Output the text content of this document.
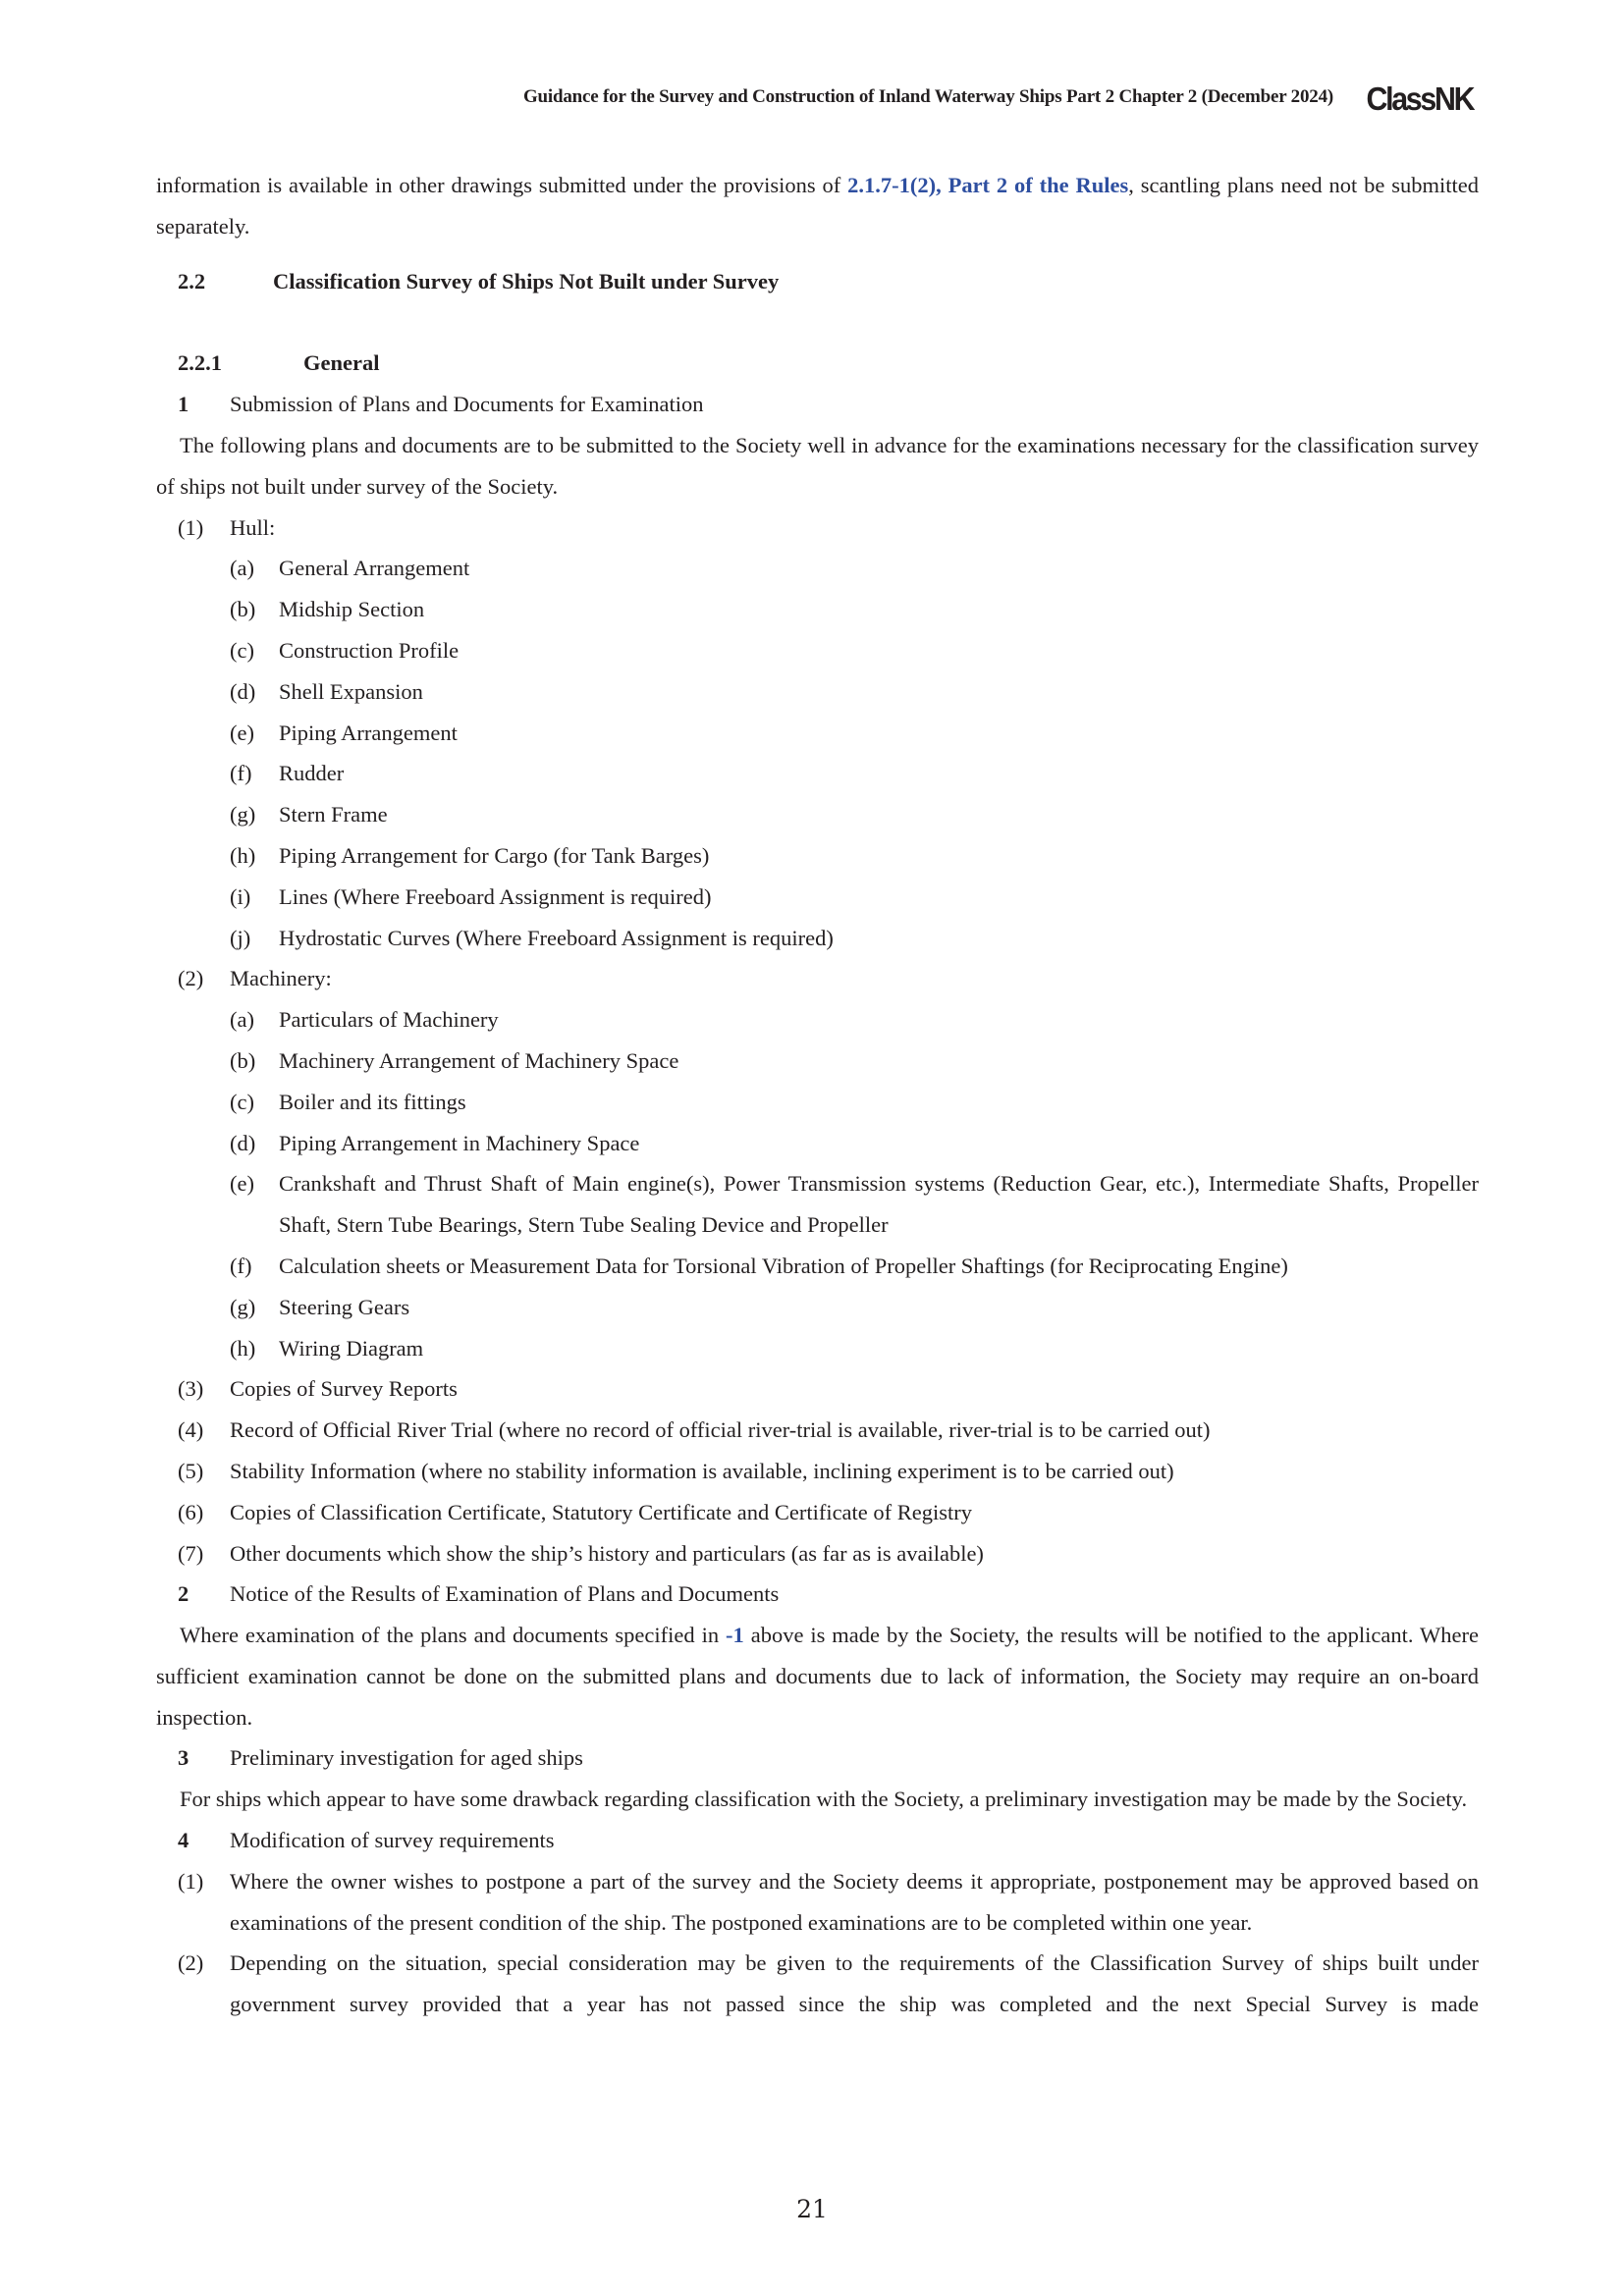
Guidance for the Survey and Construction of Inland Waterway Ships Part 2 Chapter 2 (December 2024) ClassNK

information is available in other drawings submitted under the provisions of 2.1.7-1(2), Part 2 of the Rules, scantling plans need not be submitted separately.

2.2	Classification Survey of Ships Not Built under Survey
2.2.1	General
1	Submission of Plans and Documents for Examination

The following plans and documents are to be submitted to the Society well in advance for the examinations necessary for the classification survey of ships not built under survey of the Society.

(1)	Hull:
(a)	General Arrangement
(b)	Midship Section
(c)	Construction Profile
(d)	Shell Expansion
(e)	Piping Arrangement
(f)	Rudder
(g)	Stern Frame
(h)	Piping Arrangement for Cargo (for Tank Barges)
(i)	Lines (Where Freeboard Assignment is required)
(j)	Hydrostatic Curves (Where Freeboard Assignment is required)
(2)	Machinery:
(a)	Particulars of Machinery
(b)	Machinery Arrangement of Machinery Space
(c)	Boiler and its fittings
(d)	Piping Arrangement in Machinery Space
(e)	Crankshaft and Thrust Shaft of Main engine(s), Power Transmission systems (Reduction Gear, etc.), Intermediate Shafts, Propeller Shaft, Stern Tube Bearings, Stern Tube Sealing Device and Propeller
(f)	Calculation sheets or Measurement Data for Torsional Vibration of Propeller Shaftings (for Reciprocating Engine)
(g)	Steering Gears
(h)	Wiring Diagram
(3)	Copies of Survey Reports
(4)	Record of Official River Trial (where no record of official river-trial is available, river-trial is to be carried out)
(5)	Stability Information (where no stability information is available, inclining experiment is to be carried out)
(6)	Copies of Classification Certificate, Statutory Certificate and Certificate of Registry
(7)	Other documents which show the ship’s history and particulars (as far as is available)
2	Notice of the Results of Examination of Plans and Documents

Where examination of the plans and documents specified in -1 above is made by the Society, the results will be notified to the applicant. Where sufficient examination cannot be done on the submitted plans and documents due to lack of information, the Society may require an on-board inspection.

3	Preliminary investigation for aged ships

For ships which appear to have some drawback regarding classification with the Society, a preliminary investigation may be made by the Society.

4	Modification of survey requirements
(1)	Where the owner wishes to postpone a part of the survey and the Society deems it appropriate, postponement may be approved based on examinations of the present condition of the ship. The postponed examinations are to be completed within one year.
(2)	Depending on the situation, special consideration may be given to the requirements of the Classification Survey of ships built under government survey provided that a year has not passed since the ship was completed and the next Special Survey is made
21
